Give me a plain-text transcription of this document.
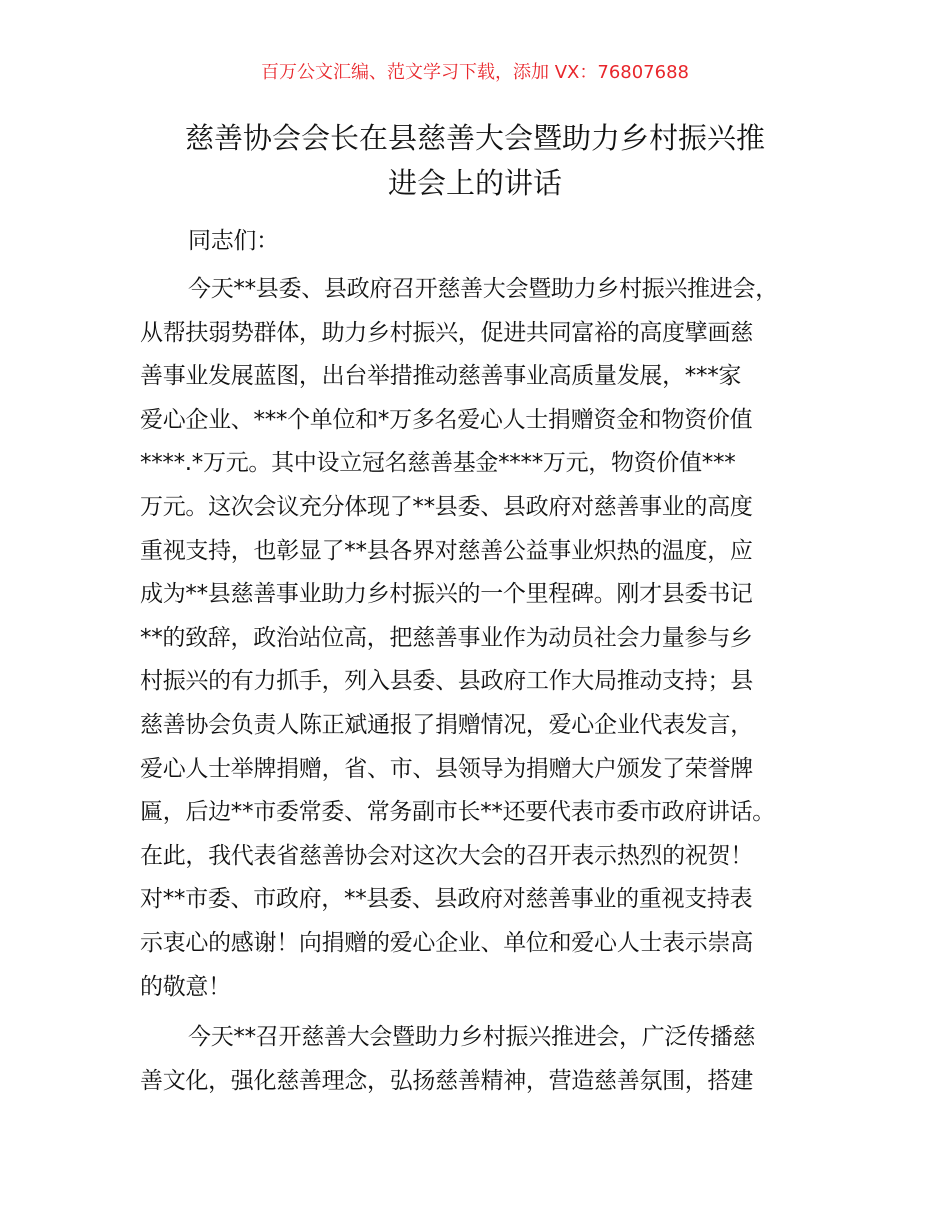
百万公文汇编、范文学习下载，添加 VX：76807688
慈善协会会长在县慈善大会暨助力乡村振兴推
进会上的讲话
同志们：
今天**县委、县政府召开慈善大会暨助力乡村振兴推进会，
从帮扶弱势群体，助力乡村振兴，促进共同富裕的高度擘画慈
善事业发展蓝图，出台举措推动慈善事业高质量发展，***家
爱心企业、***个单位和*万多名爱心人士捐赠资金和物资价值
****.*万元。其中设立冠名慈善基金****万元，物资价值***
万元。这次会议充分体现了**县委、县政府对慈善事业的高度
重视支持，也彰显了**县各界对慈善公益事业炽热的温度，应
成为**县慈善事业助力乡村振兴的一个里程碑。刚才县委书记
**的致辞，政治站位高，把慈善事业作为动员社会力量参与乡
村振兴的有力抓手，列入县委、县政府工作大局推动支持；县
慈善协会负责人陈正斌通报了捐赠情况，爱心企业代表发言，
爱心人士举牌捐赠，省、市、县领导为捐赠大户颁发了荣誉牌
匾，后边**市委常委、常务副市长**还要代表市委市政府讲话。
在此，我代表省慈善协会对这次大会的召开表示热烈的祝贺！
对**市委、市政府，**县委、县政府对慈善事业的重视支持表
示衷心的感谢！向捐赠的爱心企业、单位和爱心人士表示崇高
的敬意！
今天**召开慈善大会暨助力乡村振兴推进会，广泛传播慈
善文化，强化慈善理念，弘扬慈善精神，营造慈善氛围，搭建
